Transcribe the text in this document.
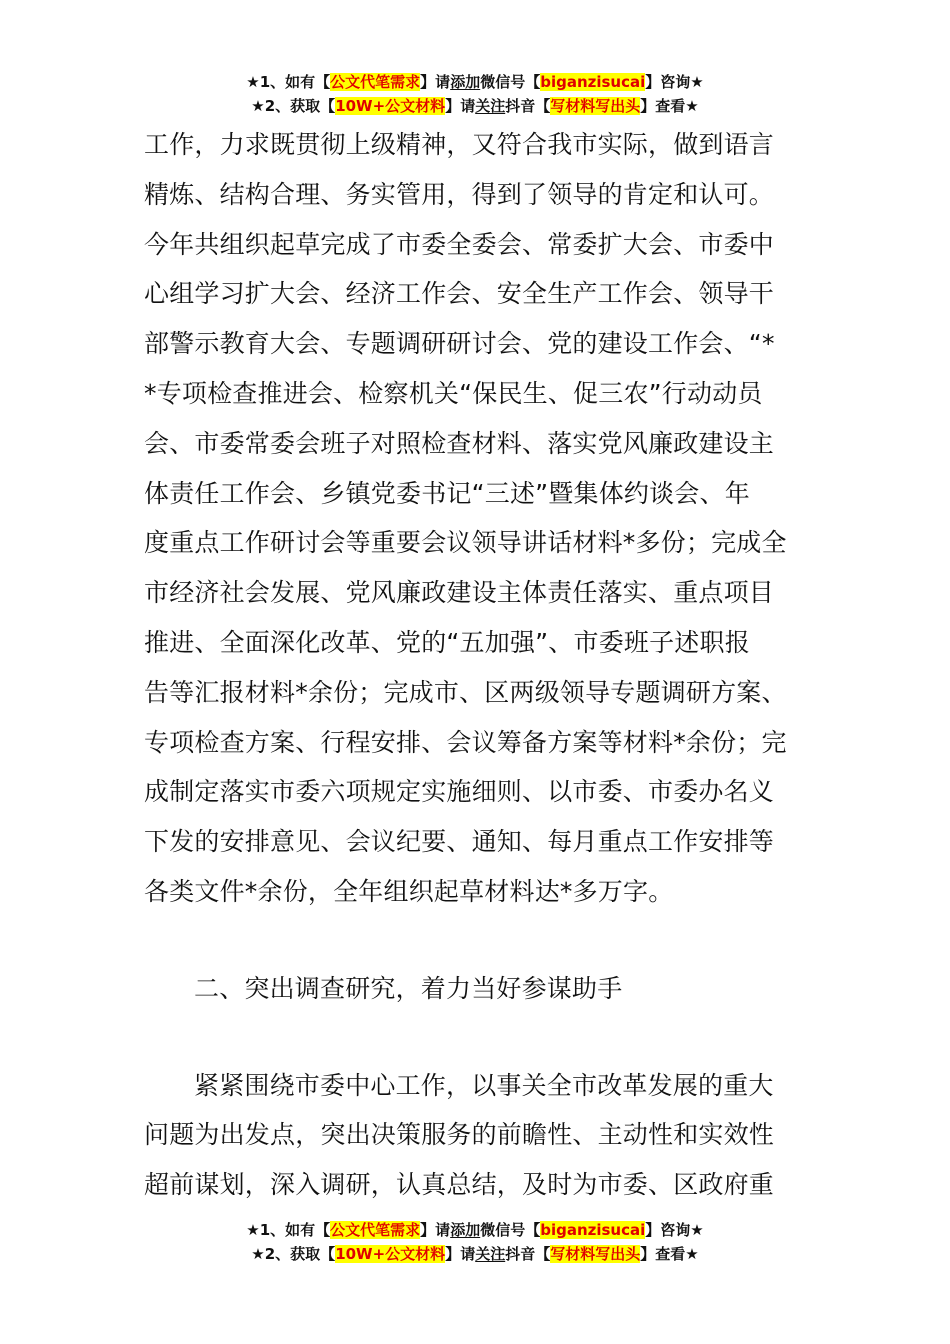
★1、如有【公文代笔需求】请添加微信号【biganzisucai】咨询★
★2、获取【10W+公文材料】请关注抖音【写材料写出头】查看★
工作，力求既贯彻上级精神，又符合我市实际，做到语言
精炼、结构合理、务实管用，得到了领导的肯定和认可。
今年共组织起草完成了市委全委会、常委扩大会、市委中
心组学习扩大会、经济工作会、安全生产工作会、领导干
部警示教育大会、专题调研研讨会、党的建设工作会、“*
*专项检查推进会、检察机关“保民生、促三农”行动动员
会、市委常委会班子对照检查材料、落实党风廉政建设主
体责任工作会、乡镇党委书记“三述”暨集体约谈会、年
度重点工作研讨会等重要会议领导讲话材料*多份；完成全
市经济社会发展、党风廉政建设主体责任落实、重点项目
推进、全面深化改革、党的“五加强”、市委班子述职报
告等汇报材料*余份；完成市、区两级领导专题调研方案、
专项检查方案、行程安排、会议筹备方案等材料*余份；完
成制定落实市委六项规定实施细则、以市委、市委办名义
下发的安排意见、会议纪要、通知、每月重点工作安排等
各类文件*余份，全年组织起草材料达*多万字。
二、突出调查研究，着力当好参谋助手
紧紧围绕市委中心工作，以事关全市改革发展的重大
问题为出发点，突出决策服务的前瞻性、主动性和实效性
超前谋划，深入调研，认真总结，及时为市委、区政府重
★1、如有【公文代笔需求】请添加微信号【biganzisucai】咨询★
★2、获取【10W+公文材料】请关注抖音【写材料写出头】查看★
